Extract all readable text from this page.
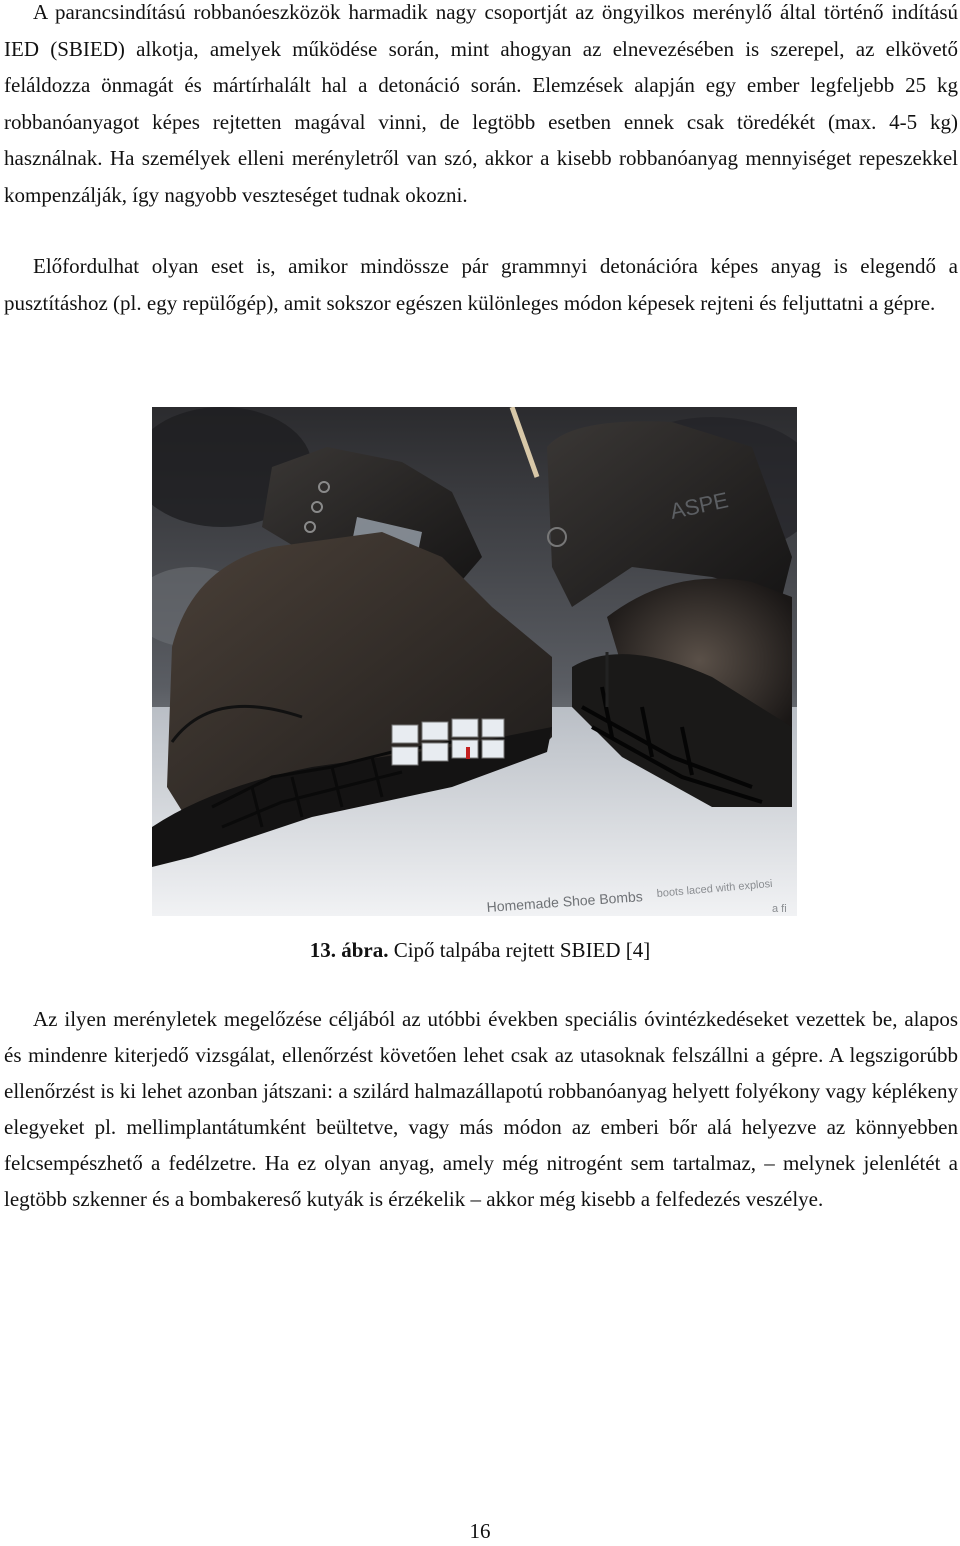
A parancsindítású robbanóeszközök harmadik nagy csoportját az öngyilkos merénylő által történő indítású IED (SBIED) alkotja, amelyek működése során, mint ahogyan az elnevezésében is szerepel, az elkövető feláldozza önmagát és mártírhalált hal a detonáció során. Elemzések alapján egy ember legfeljebb 25 kg robbanóanyagot képes rejtetten magával vinni, de legtöbb esetben ennek csak töredékét (max. 4-5 kg) használnak. Ha személyek elleni merényletről van szó, akkor a kisebb robbanóanyag mennyiséget repeszekkel kompenzálják, így nagyobb veszteséget tudnak okozni.

Előfordulhat olyan eset is, amikor mindössze pár grammnyi detonációra képes anyag is elegendő a pusztításhoz (pl. egy repülőgép), amit sokszor egészen különleges módon képesek rejteni és feljuttatni a gépre.

ASPE
Homemade Shoe Bombs boots laced with explosi
a fi

13. ábra. Cipő talpába rejtett SBIED [4]

Az ilyen merényletek megelőzése céljából az utóbbi években speciális óvintézkedéseket vezettek be, alapos és mindenre kiterjedő vizsgálat, ellenőrzést követően lehet csak az utasoknak felszállni a gépre. A legszigorúbb ellenőrzést is ki lehet azonban játszani: a szilárd halmazállapotú robbanóanyag helyett folyékony vagy képlékeny elegyeket pl. mellimplantátumként beültetve, vagy más módon az emberi bőr alá helyezve az könnyebben felcsempészhető a fedélzetre. Ha ez olyan anyag, amely még nitrogént sem tartalmaz, – melynek jelenlétét a legtöbb szkenner és a bombakereső kutyák is érzékelik – akkor még kisebb a felfedezés veszélye.

16
